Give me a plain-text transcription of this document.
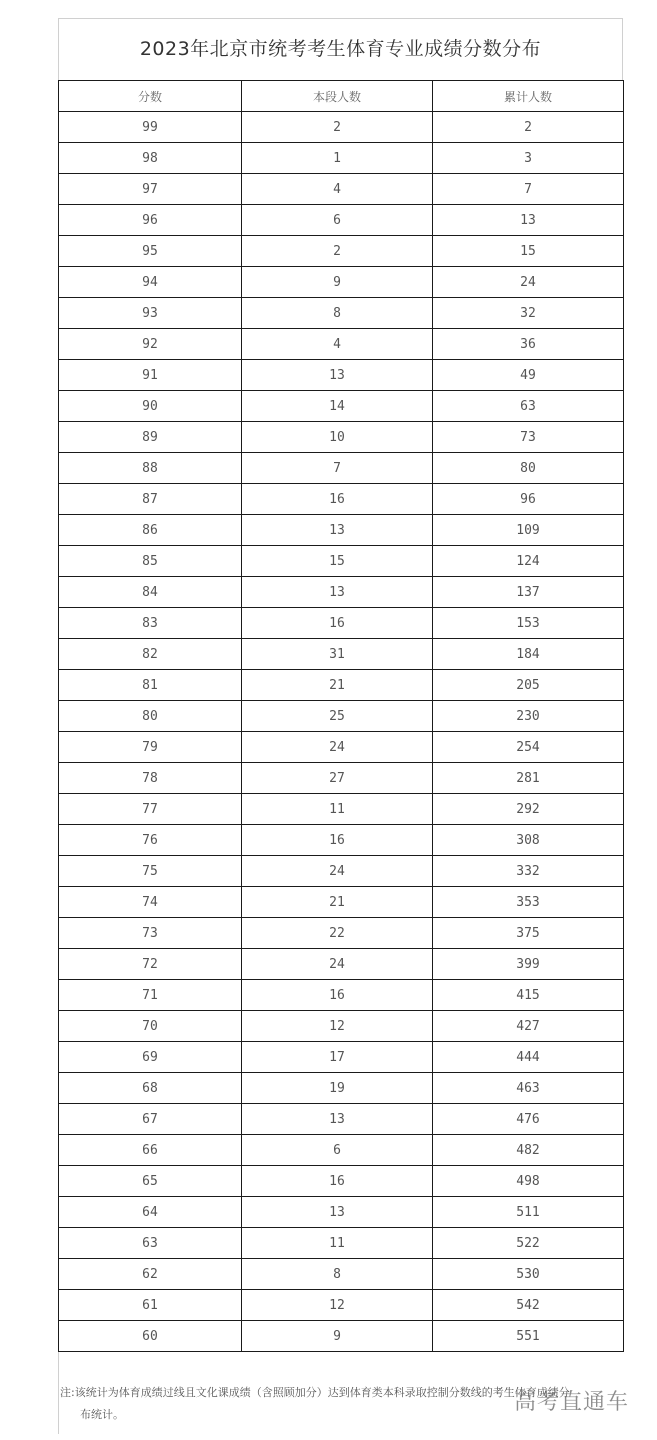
2023年北京市统考考生体育专业成绩分数分布
分数	本段人数	累计人数
99	2	2
98	1	3
97	4	7
96	6	13
95	2	15
94	9	24
93	8	32
92	4	36
91	13	49
90	14	63
89	10	73
88	7	80
87	16	96
86	13	109
85	15	124
84	13	137
83	16	153
82	31	184
81	21	205
80	25	230
79	24	254
78	27	281
77	11	292
76	16	308
75	24	332
74	21	353
73	22	375
72	24	399
71	16	415
70	12	427
69	17	444
68	19	463
67	13	476
66	6	482
65	16	498
64	13	511
63	11	522
62	8	530
61	12	542
60	9	551
注:该统计为体育成绩过线且文化课成绩（含照顾加分）达到体育类本科录取控制分数线的考生体育成绩分
布统计。	高考直通车
